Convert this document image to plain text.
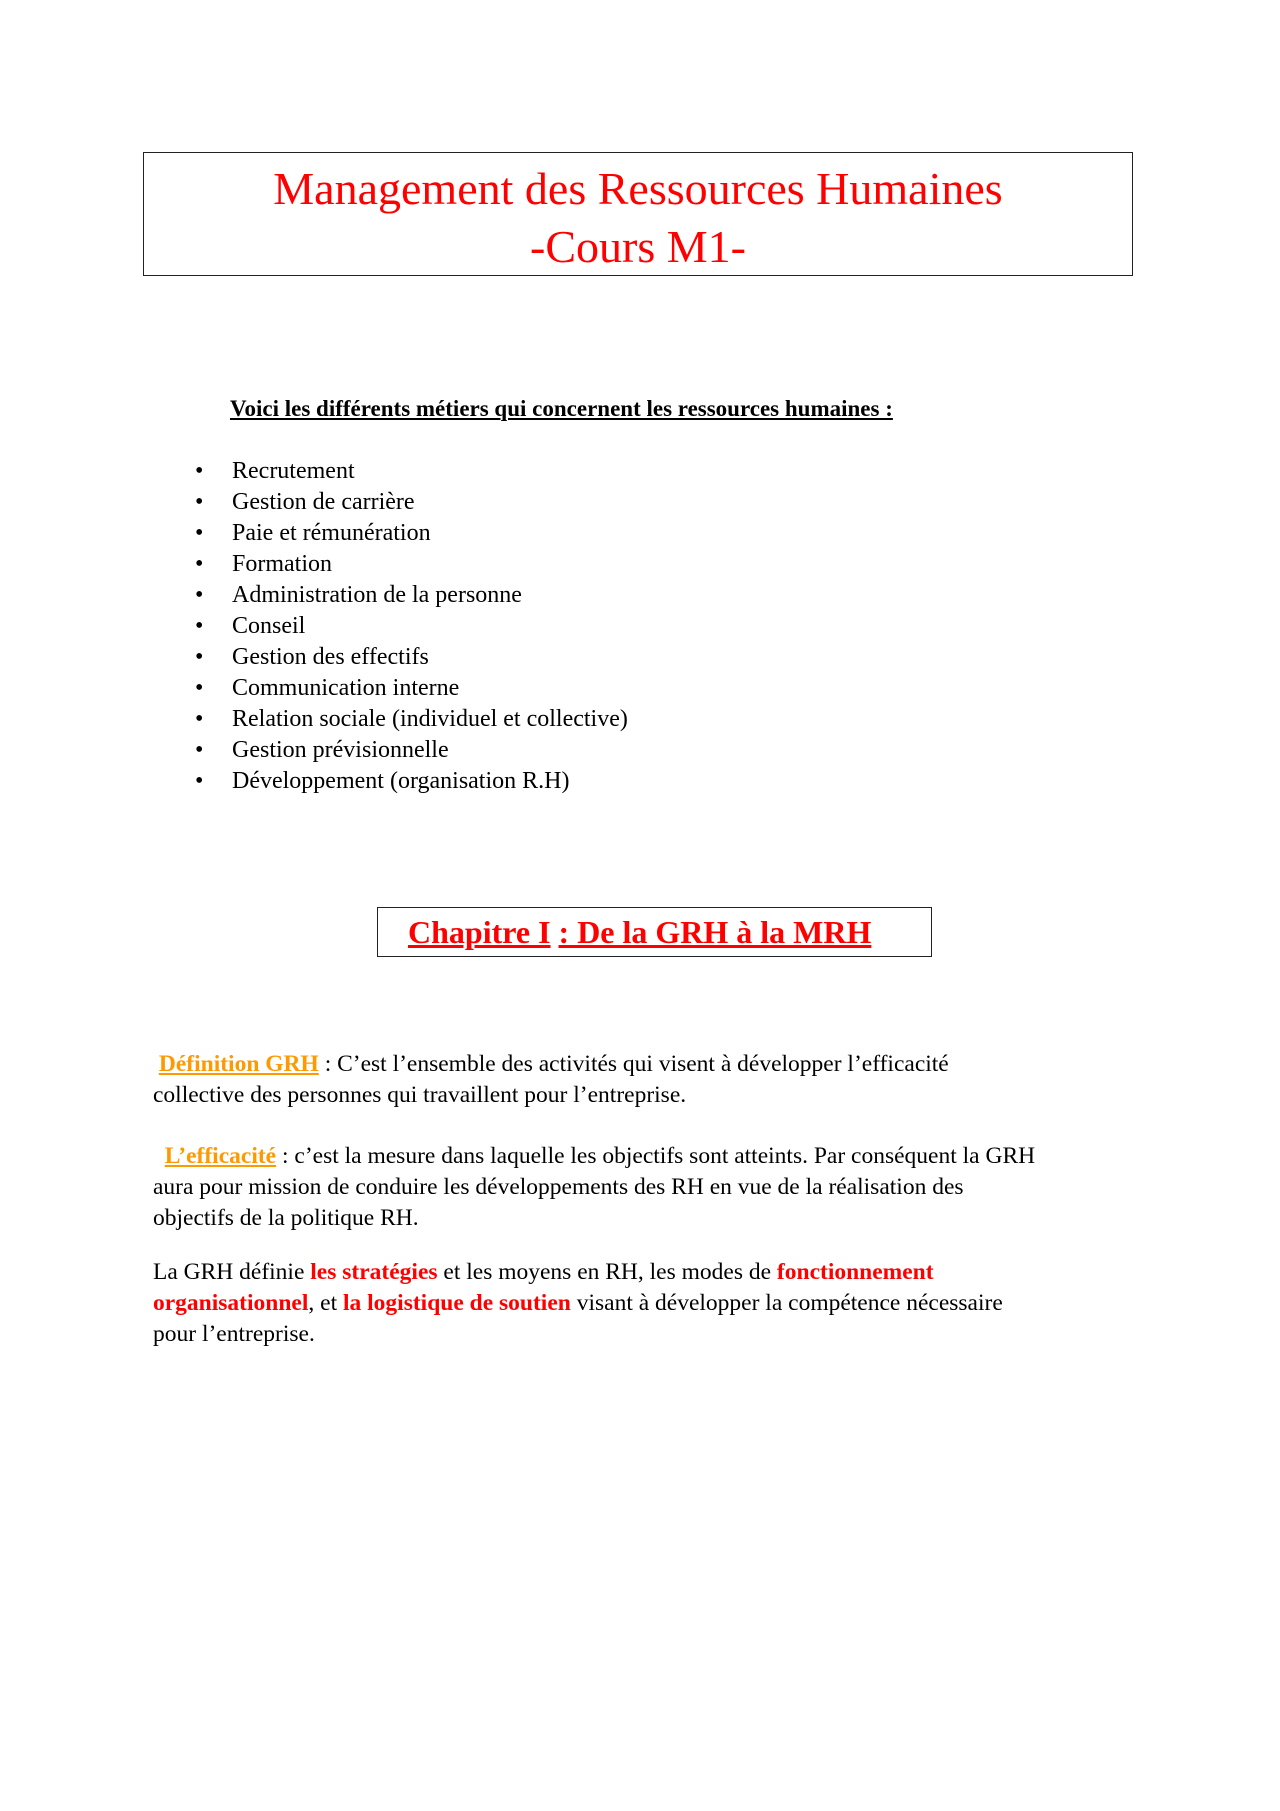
Management des Ressources Humaines
-Cours M1-
Voici les différents métiers qui concernent les ressources humaines :
• Recrutement
• Gestion de carrière
• Paie et rémunération
• Formation
• Administration de la personne
• Conseil
• Gestion des effectifs
• Communication interne
• Relation sociale (individuel et collective)
• Gestion prévisionnelle
• Développement (organisation R.H)
Chapitre I : De la GRH à la MRH
Définition GRH : C’est l’ensemble des activités qui visent à développer l’efficacité
collective des personnes qui travaillent pour l’entreprise.
L’efficacité : c’est la mesure dans laquelle les objectifs sont atteints. Par conséquent la GRH
aura pour mission de conduire les développements des RH en vue de la réalisation des
objectifs de la politique RH.
La GRH définie les stratégies et les moyens en RH, les modes de fonctionnement
organisationnel, et la logistique de soutien visant à développer la compétence nécessaire
pour l’entreprise.
